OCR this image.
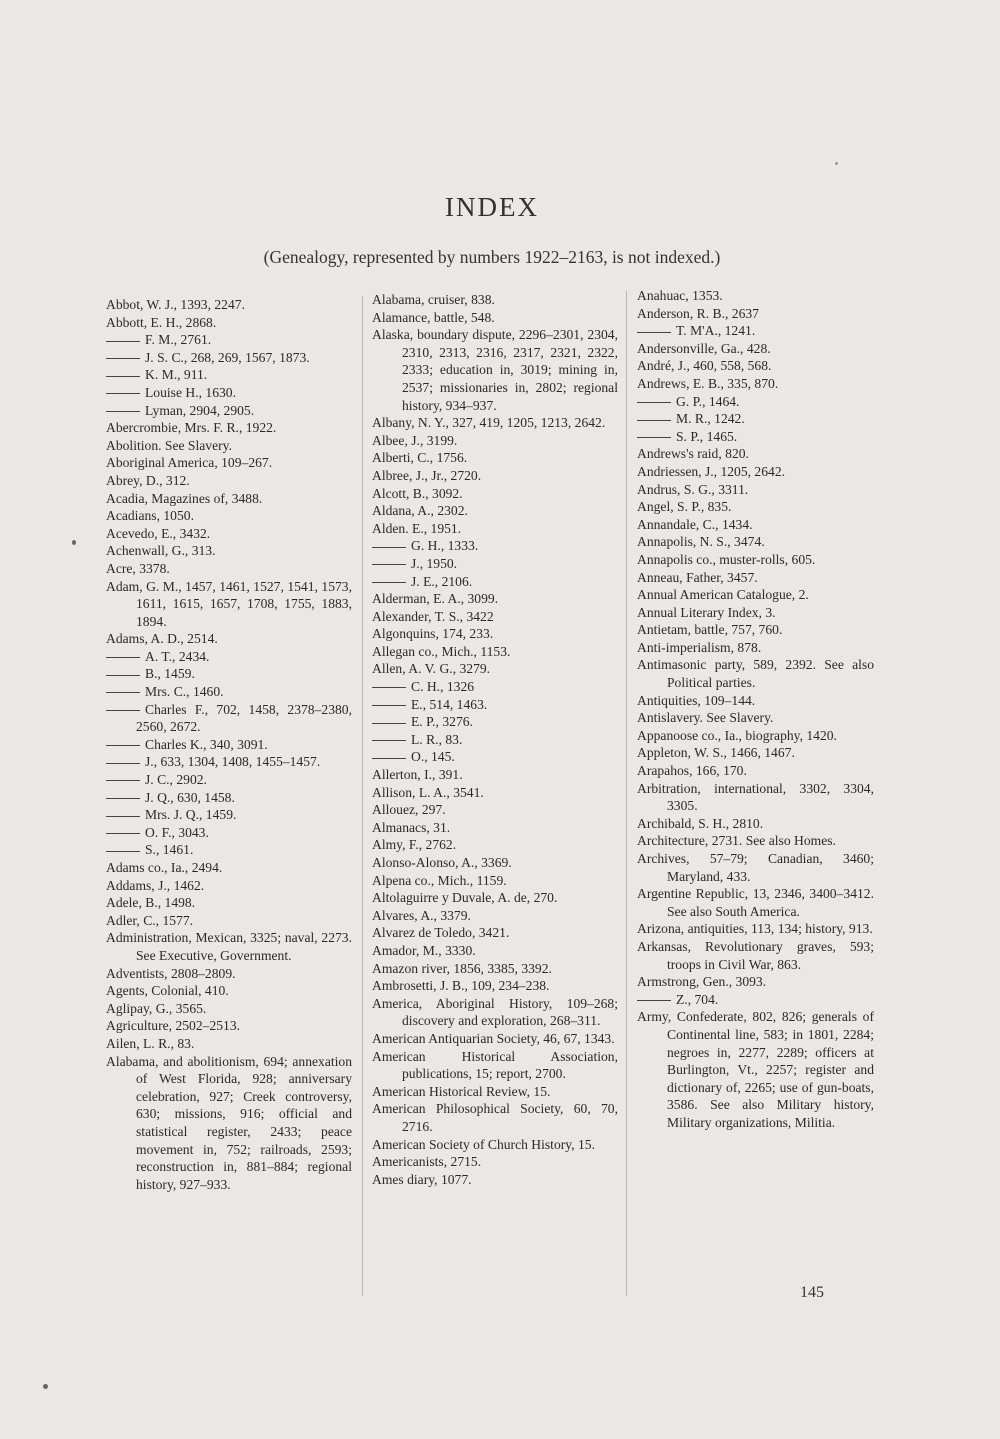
INDEX
(Genealogy, represented by numbers 1922–2163, is not indexed.)

Abbot, W. J., 1393, 2247.

Abbott, E. H., 2868.

F. M., 2761.

J. S. C., 268, 269, 1567, 1873.

K. M., 911.

Louise H., 1630.

Lyman, 2904, 2905.

Abercrombie, Mrs. F. R., 1922.

Abolition. See Slavery.

Aboriginal America, 109–267.

Abrey, D., 312.

Acadia, Magazines of, 3488.

Acadians, 1050.

Acevedo, E., 3432.

Achenwall, G., 313.

Acre, 3378.

Adam, G. M., 1457, 1461, 1527, 1541, 1573, 1611, 1615, 1657, 1708, 1755, 1883, 1894.

Adams, A. D., 2514.

A. T., 2434.

B., 1459.

Mrs. C., 1460.

Charles F., 702, 1458, 2378–2380, 2560, 2672.

Charles K., 340, 3091.

J., 633, 1304, 1408, 1455–1457.

J. C., 2902.

J. Q., 630, 1458.

Mrs. J. Q., 1459.

O. F., 3043.

S., 1461.

Adams co., Ia., 2494.

Addams, J., 1462.

Adele, B., 1498.

Adler, C., 1577.

Administration, Mexican, 3325; naval, 2273. See Executive, Government.

Adventists, 2808–2809.

Agents, Colonial, 410.

Aglipay, G., 3565.

Agriculture, 2502–2513.

Ailen, L. R., 83.

Alabama, and abolitionism, 694; annexation of West Florida, 928; anniversary celebration, 927; Creek controversy, 630; missions, 916; official and statistical register, 2433; peace movement in, 752; railroads, 2593; reconstruction in, 881–884; regional history, 927–933.

Alabama, cruiser, 838.

Alamance, battle, 548.

Alaska, boundary dispute, 2296–2301, 2304, 2310, 2313, 2316, 2317, 2321, 2322, 2333; education in, 3019; mining in, 2537; missionaries in, 2802; regional history, 934–937.

Albany, N. Y., 327, 419, 1205, 1213, 2642.

Albee, J., 3199.

Alberti, C., 1756.

Albree, J., Jr., 2720.

Alcott, B., 3092.

Aldana, A., 2302.

Alden. E., 1951.

G. H., 1333.

J., 1950.

J. E., 2106.

Alderman, E. A., 3099.

Alexander, T. S., 3422

Algonquins, 174, 233.

Allegan co., Mich., 1153.

Allen, A. V. G., 3279.

C. H., 1326

E., 514, 1463.

E. P., 3276.

L. R., 83.

O., 145.

Allerton, I., 391.

Allison, L. A., 3541.

Allouez, 297.

Almanacs, 31.

Almy, F., 2762.

Alonso-Alonso, A., 3369.

Alpena co., Mich., 1159.

Altolaguirre y Duvale, A. de, 270.

Alvares, A., 3379.

Alvarez de Toledo, 3421.

Amador, M., 3330.

Amazon river, 1856, 3385, 3392.

Ambrosetti, J. B., 109, 234–238.

America, Aboriginal History, 109–268; discovery and exploration, 268–311.

American Antiquarian Society, 46, 67, 1343.

American Historical Association, publications, 15; report, 2700.

American Historical Review, 15.

American Philosophical Society, 60, 70, 2716.

American Society of Church History, 15.

Americanists, 2715.

Ames diary, 1077.

Anahuac, 1353.

Anderson, R. B., 2637

T. M'A., 1241.

Andersonville, Ga., 428.

André, J., 460, 558, 568.

Andrews, E. B., 335, 870.

G. P., 1464.

M. R., 1242.

S. P., 1465.

Andrews's raid, 820.

Andriessen, J., 1205, 2642.

Andrus, S. G., 3311.

Angel, S. P., 835.

Annandale, C., 1434.

Annapolis, N. S., 3474.

Annapolis co., muster-rolls, 605.

Anneau, Father, 3457.

Annual American Catalogue, 2.

Annual Literary Index, 3.

Antietam, battle, 757, 760.

Anti-imperialism, 878.

Antimasonic party, 589, 2392. See also Political parties.

Antiquities, 109–144.

Antislavery. See Slavery.

Appanoose co., Ia., biography, 1420.

Appleton, W. S., 1466, 1467.

Arapahos, 166, 170.

Arbitration, international, 3302, 3304, 3305.

Archibald, S. H., 2810.

Architecture, 2731. See also Homes.

Archives, 57–79; Canadian, 3460; Maryland, 433.

Argentine Republic, 13, 2346, 3400–3412. See also South America.

Arizona, antiquities, 113, 134; history, 913.

Arkansas, Revolutionary graves, 593; troops in Civil War, 863.

Armstrong, Gen., 3093.

Z., 704.

Army, Confederate, 802, 826; generals of Continental line, 583; in 1801, 2284; negroes in, 2277, 2289; officers at Burlington, Vt., 2257; register and dictionary of, 2265; use of gun-boats, 3586. See also Military history, Military organizations, Militia.

145
